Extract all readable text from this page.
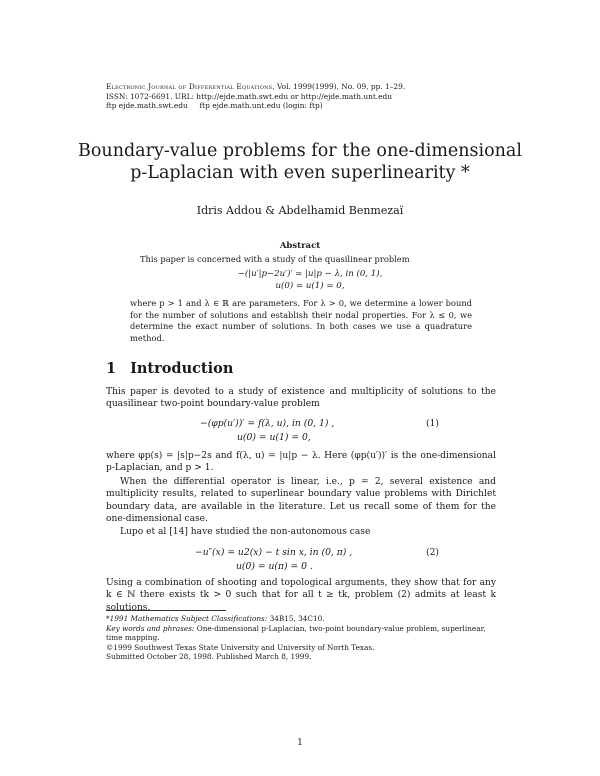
Electronic Journal of Differential Equations, Vol. 1999(1999), No. 09, pp. 1–29.
ISSN: 1072-6691. URL: http://ejde.math.swt.edu or http://ejde.math.unt.edu
ftp ejde.math.swt.edu     ftp ejde.math.unt.edu (login: ftp)
Boundary-value problems for the one-dimensional
p-Laplacian with even superlinearity *
Idris Addou & Abdelhamid Benmezaï
Abstract
This paper is concerned with a study of the quasilinear problem
−(|u′|p−2u′)′ = |u|p − λ, in (0, 1),
u(0) = u(1) = 0,
where p > 1 and λ ∈ ℝ are parameters. For λ > 0, we determine a lower bound for the number of solutions and establish their nodal properties. For λ ≤ 0, we determine the exact number of solutions. In both cases we use a quadrature method.
1 Introduction
This paper is devoted to a study of existence and multiplicity of solutions to the quasilinear two-point boundary-value problem
−(φp(u′))′ = f(λ, u), in (0, 1) ,
u(0) = u(1) = 0,
(1)
where φp(s) = |s|p−2s and f(λ, u) = |u|p − λ. Here (φp(u′))′ is the one-dimensional p-Laplacian, and p > 1.
When the differential operator is linear, i.e., p = 2, several existence and multiplicity results, related to superlinear boundary value problems with Dirichlet boundary data, are available in the literature. Let us recall some of them for the one-dimensional case.
Lupo et al [14] have studied the non-autonomous case
−u″(x) = u2(x) − t sin x, in (0, π) ,
u(0) = u(π) = 0 .
(2)
Using a combination of shooting and topological arguments, they show that for any k ∈ ℕ there exists tk > 0 such that for all t ≥ tk, problem (2) admits at least k solutions.
*1991 Mathematics Subject Classifications: 34B15, 34C10.
Key words and phrases: One-dimensional p-Laplacian, two-point boundary-value problem, superlinear, time mapping.
©1999 Southwest Texas State University and University of North Texas.
Submitted October 28, 1998. Published March 8, 1999.
1
